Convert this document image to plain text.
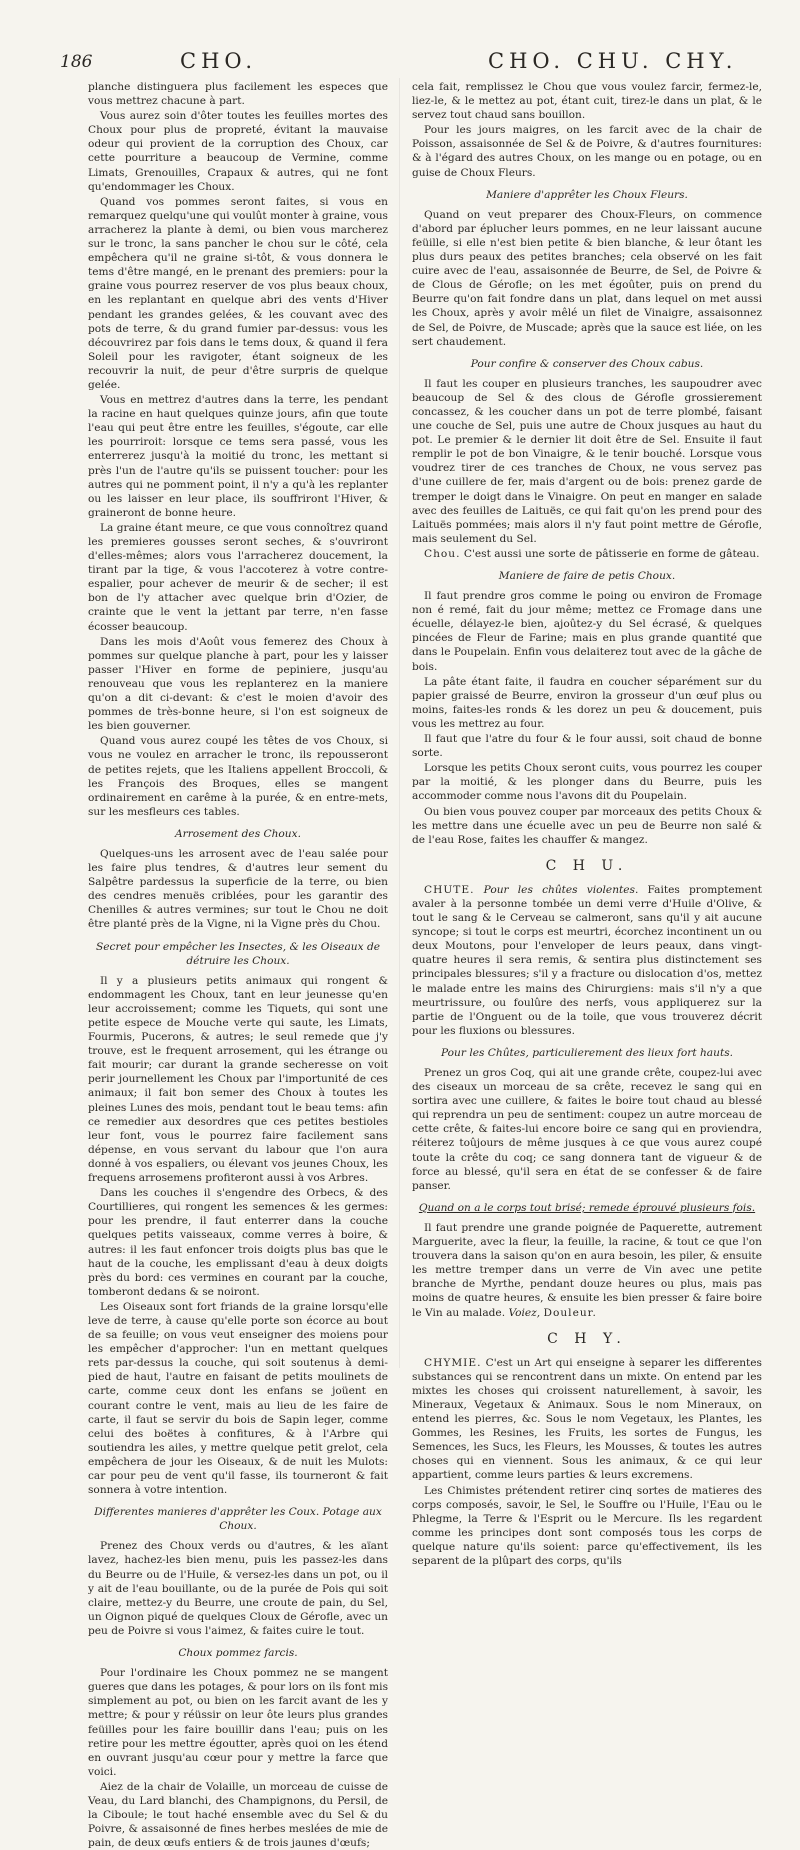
186	CHO.	CHO. CHU. CHY.

planche distinguera plus facilement les especes que vous mettrez chacune à part.

Vous aurez soin d'ôter toutes les feuilles mortes des Choux pour plus de propreté, évitant la mauvaise odeur qui provient de la corruption des Choux, car cette pourriture a beaucoup de Vermine, comme Limats, Grenouilles, Crapaux & autres, qui ne font qu'endommager les Choux.

Quand vos pommes seront faites, si vous en remarquez quelqu'une qui voulût monter à graine, vous arracherez la plante à demi, ou bien vous marcherez sur le tronc, la sans pancher le chou sur le côté, cela empêchera qu'il ne graine si-tôt, & vous donnera le tems d'être mangé, en le prenant des premiers: pour la graine vous pourrez reserver de vos plus beaux choux, en les replantant en quelque abri des vents d'Hiver pendant les grandes gelées, & les couvant avec des pots de terre, & du grand fumier par-dessus: vous les découvrirez par fois dans le tems doux, & quand il fera Soleil pour les ravigoter, étant soigneux de les recouvrir la nuit, de peur d'être surpris de quelque gelée.

Vous en mettrez d'autres dans la terre, les pendant la racine en haut quelques quinze jours, afin que toute l'eau qui peut être entre les feuilles, s'égoute, car elle les pourriroit: lorsque ce tems sera passé, vous les enterrerez jusqu'à la moitié du tronc, les mettant si près l'un de l'autre qu'ils se puissent toucher: pour les autres qui ne pomment point, il n'y a qu'à les replanter ou les laisser en leur place, ils souffriront l'Hiver, & graineront de bonne heure.

La graine étant meure, ce que vous connoîtrez quand les premieres gousses seront seches, & s'ouvriront d'elles-mêmes; alors vous l'arracherez doucement, la tirant par la tige, & vous l'accoterez à votre contre-espalier, pour achever de meurir & de secher; il est bon de l'y attacher avec quelque brin d'Ozier, de crainte que le vent la jettant par terre, n'en fasse écosser beaucoup.

Dans les mois d'Août vous femerez des Choux à pommes sur quelque planche à part, pour les y laisser passer l'Hiver en forme de pepiniere, jusqu'au renouveau que vous les replanterez en la maniere qu'on a dit ci-devant: & c'est le moien d'avoir des pommes de très-bonne heure, si l'on est soigneux de les bien gouverner.

Quand vous aurez coupé les têtes de vos Choux, si vous ne voulez en arracher le tronc, ils repousseront de petites rejets, que les Italiens appellent Broccoli, & les François des Broques, elles se mangent ordinairement en carême à la purée, & en entre-mets, sur les mesfleurs ces tables.

Arrosement des Choux.

Quelques-uns les arrosent avec de l'eau salée pour les faire plus tendres, & d'autres leur sement du Salpêtre pardessus la superficie de la terre, ou bien des cendres menuës criblées, pour les garantir des Chenilles & autres vermines; sur tout le Chou ne doit être planté près de la Vigne, ni la Vigne près du Chou.

Secret pour empêcher les Insectes, & les Oiseaux de détruire les Choux.

Il y a plusieurs petits animaux qui rongent & endommagent les Choux, tant en leur jeunesse qu'en leur accroissement; comme les Tiquets, qui sont une petite espece de Mouche verte qui saute, les Limats, Fourmis, Pucerons, & autres; le seul remede que j'y trouve, est le frequent arrosement, qui les étrange ou fait mourir; car durant la grande secheresse on voit perir journellement les Choux par l'importunité de ces animaux; il fait bon semer des Choux à toutes les pleines Lunes des mois, pendant tout le beau tems: afin ce remedier aux desordres que ces petites bestioles leur font, vous le pourrez faire facilement sans dépense, en vous servant du labour que l'on aura donné à vos espaliers, ou élevant vos jeunes Choux, les frequens arrosemens profiteront aussi à vos Arbres.

Dans les couches il s'engendre des Orbecs, & des Courtillieres, qui rongent les semences & les germes: pour les prendre, il faut enterrer dans la couche quelques petits vaisseaux, comme verres à boire, & autres: il les faut enfoncer trois doigts plus bas que le haut de la couche, les emplissant d'eau à deux doigts près du bord: ces vermines en courant par la couche, tomberont dedans & se noiront.

Les Oiseaux sont fort friands de la graine lorsqu'elle leve de terre, à cause qu'elle porte son écorce au bout de sa feuille; on vous veut enseigner des moiens pour les empêcher d'approcher: l'un en mettant quelques rets par-dessus la couche, qui soit soutenus à demi-pied de haut, l'autre en faisant de petits moulinets de carte, comme ceux dont les enfans se joüent en courant contre le vent, mais au lieu de les faire de carte, il faut se servir du bois de Sapin leger, comme celui des boëtes à confitures, & à l'Arbre qui soutiendra les ailes, y mettre quelque petit grelot, cela empêchera de jour les Oiseaux, & de nuit les Mulots: car pour peu de vent qu'il fasse, ils tourneront & fait sonnera à votre intention.

Differentes manieres d'apprêter les Coux. Potage aux Choux.

Prenez des Choux verds ou d'autres, & les aïant lavez, hachez-les bien menu, puis les passez-les dans du Beurre ou de l'Huile, & versez-les dans un pot, ou il y ait de l'eau bouillante, ou de la purée de Pois qui soit claire, mettez-y du Beurre, une croute de pain, du Sel, un Oignon piqué de quelques Cloux de Gérofle, avec un peu de Poivre si vous l'aimez, & faites cuire le tout.

Choux pommez farcis.

Pour l'ordinaire les Choux pommez ne se mangent gueres que dans les potages, & pour lors on ils font mis simplement au pot, ou bien on les farcit avant de les y mettre; & pour y réüssir on leur ôte leurs plus grandes feüilles pour les faire bouillir dans l'eau; puis on les retire pour les mettre égoutter, après quoi on les étend en ouvrant jusqu'au cœur pour y mettre la farce que voici.

Aiez de la chair de Volaille, un morceau de cuisse de Veau, du Lard blanchi, des Champignons, du Persil, de la Ciboule; le tout haché ensemble avec du Sel & du Poivre, & assaisonné de fines herbes meslées de mie de pain, de deux œufs entiers & de trois jaunes d'œufs;

cela fait, remplissez le Chou que vous voulez farcir, fermez-le, liez-le, & le mettez au pot, étant cuit, tirez-le dans un plat, & le servez tout chaud sans bouillon.

Pour les jours maigres, on les farcit avec de la chair de Poisson, assaisonnée de Sel & de Poivre, & d'autres fournitures: & à l'égard des autres Choux, on les mange ou en potage, ou en guise de Choux Fleurs.

Maniere d'apprêter les Choux Fleurs.

Quand on veut preparer des Choux-Fleurs, on commence d'abord par éplucher leurs pommes, en ne leur laissant aucune feüille, si elle n'est bien petite & bien blanche, & leur ôtant les plus durs peaux des petites branches; cela observé on les fait cuire avec de l'eau, assaisonnée de Beurre, de Sel, de Poivre & de Clous de Gérofle; on les met égoûter, puis on prend du Beurre qu'on fait fondre dans un plat, dans lequel on met aussi les Choux, après y avoir mêlé un filet de Vinaigre, assaisonnez de Sel, de Poivre, de Muscade; après que la sauce est liée, on les sert chaudement.

Pour confire & conserver des Choux cabus.

Il faut les couper en plusieurs tranches, les saupoudrer avec beaucoup de Sel & des clous de Gérofle grossierement concassez, & les coucher dans un pot de terre plombé, faisant une couche de Sel, puis une autre de Choux jusques au haut du pot. Le premier & le dernier lit doit être de Sel. Ensuite il faut remplir le pot de bon Vinaigre, & le tenir bouché. Lorsque vous voudrez tirer de ces tranches de Choux, ne vous servez pas d'une cuillere de fer, mais d'argent ou de bois: prenez garde de tremper le doigt dans le Vinaigre. On peut en manger en salade avec des feuilles de Laituës, ce qui fait qu'on les prend pour des Laituës pommées; mais alors il n'y faut point mettre de Gérofle, mais seulement du Sel.

Chou. C'est aussi une sorte de pâtisserie en forme de gâteau.

Maniere de faire de petis Choux.

Il faut prendre gros comme le poing ou environ de Fromage non é remé, fait du jour même; mettez ce Fromage dans une écuelle, délayez-le bien, ajoûtez-y du Sel écrasé, & quelques pincées de Fleur de Farine; mais en plus grande quantité que dans le Poupelain. Enfin vous delaiterez tout avec de la gâche de bois.

La pâte étant faite, il faudra en coucher séparément sur du papier graissé de Beurre, environ la grosseur d'un œuf plus ou moins, faites-les ronds & les dorez un peu & doucement, puis vous les mettrez au four.

Il faut que l'atre du four & le four aussi, soit chaud de bonne sorte.

Lorsque les petits Choux seront cuits, vous pourrez les couper par la moitié, & les plonger dans du Beurre, puis les accommoder comme nous l'avons dit du Poupelain.

Ou bien vous pouvez couper par morceaux des petits Choux & les mettre dans une écuelle avec un peu de Beurre non salé & de l'eau Rose, faites les chauffer & mangez.

C H U.

CHUTE. Pour les chûtes violentes. Faites promptement avaler à la personne tombée un demi verre d'Huile d'Olive, & tout le sang & le Cerveau se calmeront, sans qu'il y ait aucune syncope; si tout le corps est meurtri, écorchez incontinent un ou deux Moutons, pour l'enveloper de leurs peaux, dans vingt-quatre heures il sera remis, & sentira plus distinctement ses principales blessures; s'il y a fracture ou dislocation d'os, mettez le malade entre les mains des Chirurgiens: mais s'il n'y a que meurtrissure, ou foulûre des nerfs, vous appliquerez sur la partie de l'Onguent ou de la toile, que vous trouverez décrit pour les fluxions ou blessures.

Pour les Chûtes, particulierement des lieux fort hauts.

Prenez un gros Coq, qui ait une grande crête, coupez-lui avec des ciseaux un morceau de sa crête, recevez le sang qui en sortira avec une cuillere, & faites le boire tout chaud au blessé qui reprendra un peu de sentiment: coupez un autre morceau de cette crête, & faites-lui encore boire ce sang qui en proviendra, réiterez toûjours de même jusques à ce que vous aurez coupé toute la crête du coq; ce sang donnera tant de vigueur & de force au blessé, qu'il sera en état de se confesser & de faire panser.

Quand on a le corps tout brisé; remede éprouvé plusieurs fois.

Il faut prendre une grande poignée de Paquerette, autrement Marguerite, avec la fleur, la feuille, la racine, & tout ce que l'on trouvera dans la saison qu'on en aura besoin, les piler, & ensuite les mettre tremper dans un verre de Vin avec une petite branche de Myrthe, pendant douze heures ou plus, mais pas moins de quatre heures, & ensuite les bien presser & faire boire le Vin au malade. Voiez, Douleur.

C H Y.

CHYMIE. C'est un Art qui enseigne à separer les differentes substances qui se rencontrent dans un mixte. On entend par les mixtes les choses qui croissent naturellement, à savoir, les Mineraux, Vegetaux & Animaux. Sous le nom Mineraux, on entend les pierres, &c. Sous le nom Vegetaux, les Plantes, les Gommes, les Resines, les Fruits, les sortes de Fungus, les Semences, les Sucs, les Fleurs, les Mousses, & toutes les autres choses qui en viennent. Sous les animaux, & ce qui leur appartient, comme leurs parties & leurs excremens.

Les Chimistes prétendent retirer cinq sortes de matieres des corps composés, savoir, le Sel, le Souffre ou l'Huile, l'Eau ou le Phlegme, la Terre & l'Esprit ou le Mercure. Ils les regardent comme les principes dont sont composés tous les corps de quelque nature qu'ils soient: parce qu'effectivement, ils les separent de la plûpart des corps, qu'ils
